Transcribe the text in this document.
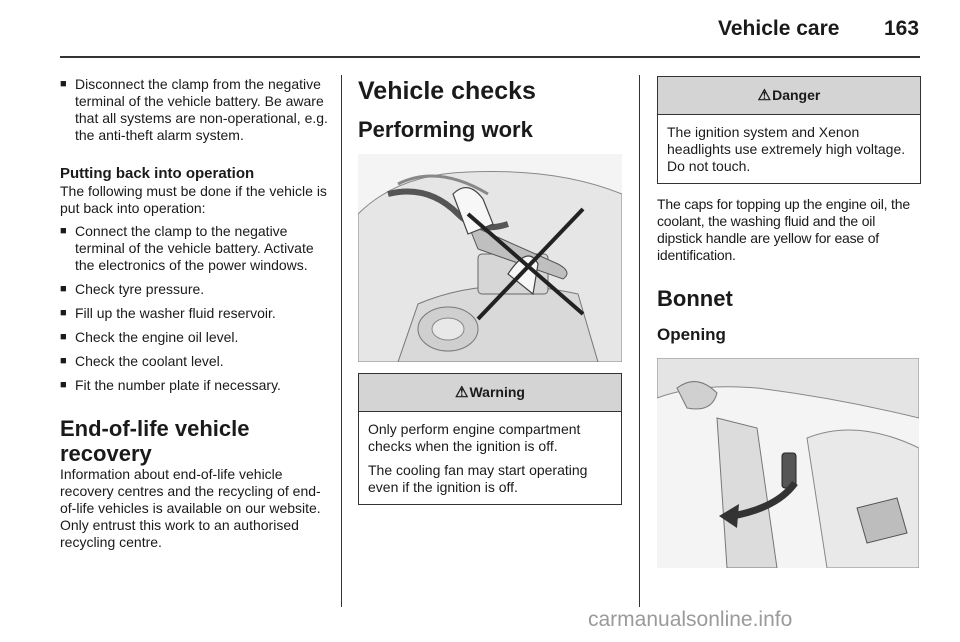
Vehicle care 163
■ Disconnect the clamp from the negative terminal of the vehicle battery. Be aware that all systems are non-operational, e.g. the anti-theft alarm system.
Putting back into operation

The following must be done if the vehicle is put back into operation:

■ Connect the clamp to the negative terminal of the vehicle battery. Activate the electronics of the power windows.
■ Check tyre pressure.
■ Fill up the washer fluid reservoir.
■ Check the engine oil level.
■ Check the coolant level.
■ Fit the number plate if necessary.
End-of-life vehicle
recovery

Information about end-of-life vehicle recovery centres and the recycling of end-of-life vehicles is available on our website. Only entrust this work to an authorised recycling centre.

Vehicle checks
Performing work
⚠Warning

Only perform engine compartment checks when the ignition is off.

The cooling fan may start operating even if the ignition is off.

⚠Danger

The ignition system and Xenon headlights use extremely high voltage. Do not touch.

The caps for topping up the engine oil, the coolant, the washing fluid and the oil dipstick handle are yellow for ease of identification.

Bonnet
Opening
carmanualsonline.info
